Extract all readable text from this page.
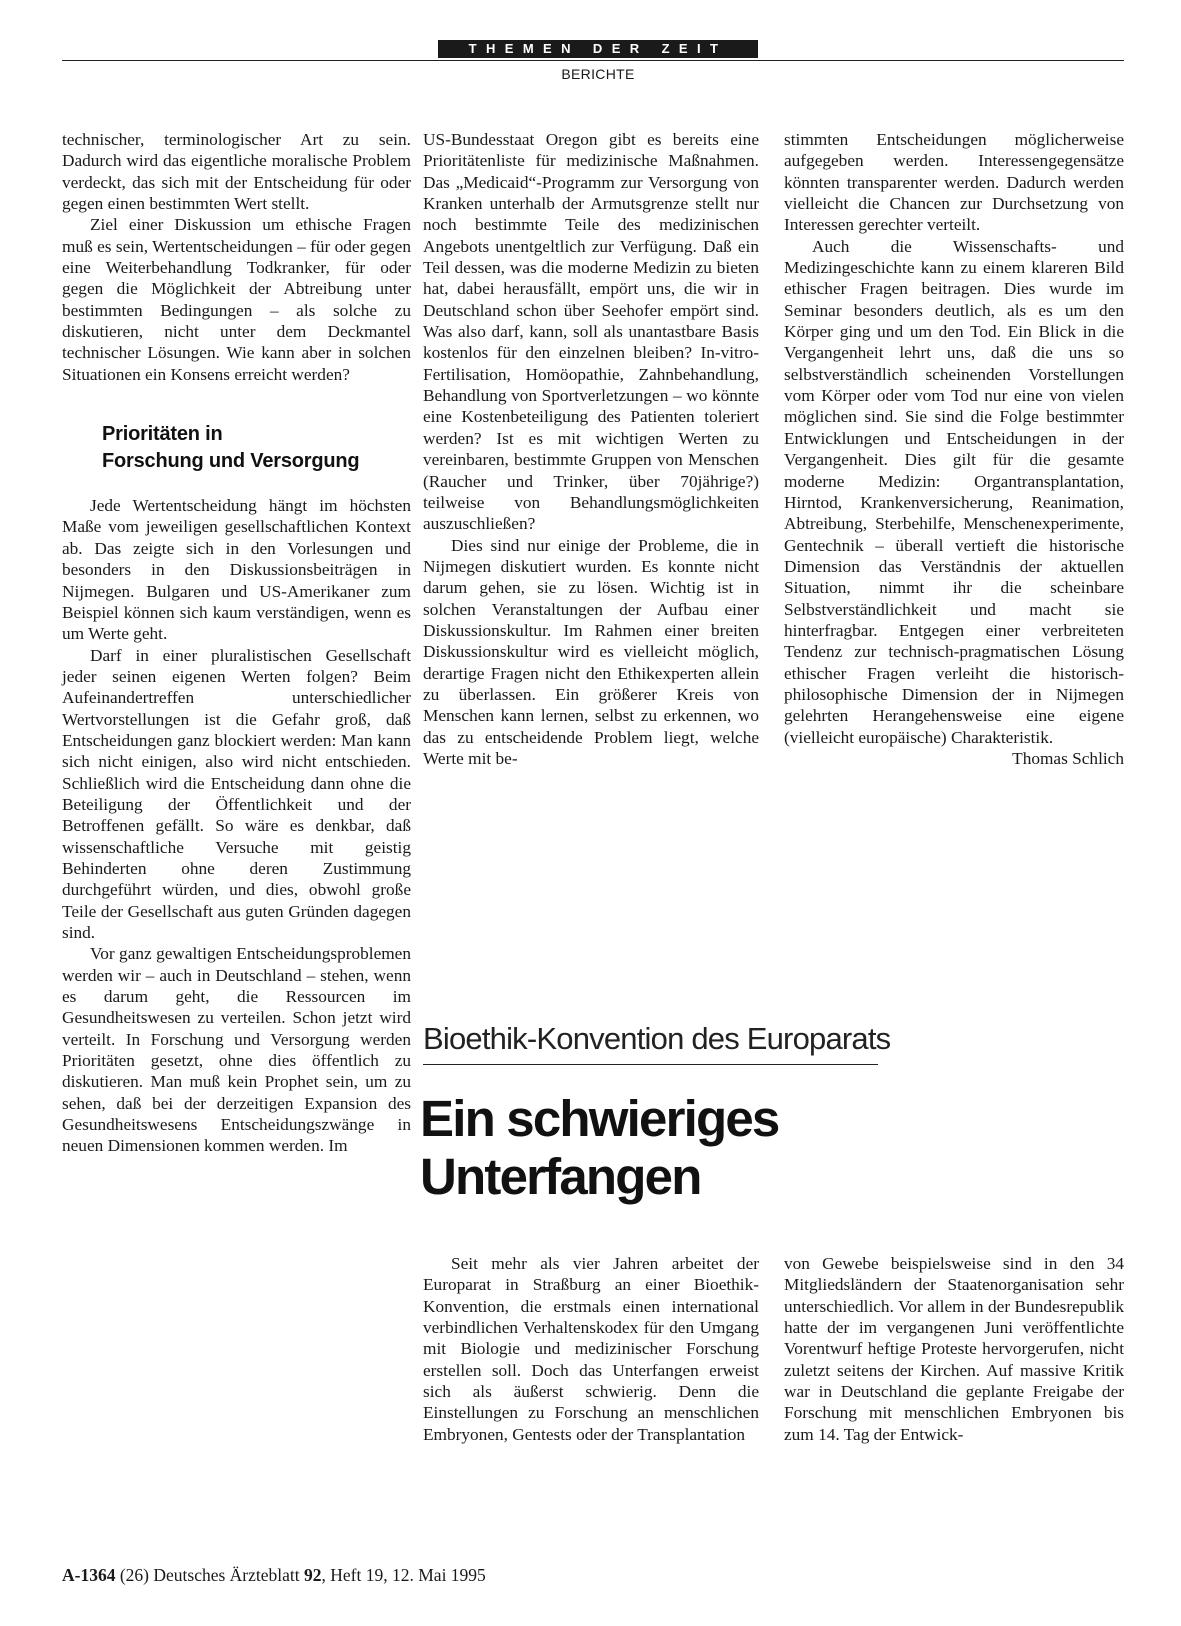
THEMEN DER ZEIT
BERICHTE

technischer, terminologischer Art zu sein. Dadurch wird das eigentliche moralische Problem verdeckt, das sich mit der Entscheidung für oder gegen einen bestimmten Wert stellt.

Ziel einer Diskussion um ethische Fragen muß es sein, Wertentscheidungen – für oder gegen eine Weiterbehandlung Todkranker, für oder gegen die Möglichkeit der Abtreibung unter bestimmten Bedingungen – als solche zu diskutieren, nicht unter dem Deckmantel technischer Lösungen. Wie kann aber in solchen Situationen ein Konsens erreicht werden?

Prioritäten in
Forschung und Versorgung

Jede Wertentscheidung hängt im höchsten Maße vom jeweiligen gesellschaftlichen Kontext ab. Das zeigte sich in den Vorlesungen und besonders in den Diskussionsbeiträgen in Nijmegen. Bulgaren und US-Amerikaner zum Beispiel können sich kaum verständigen, wenn es um Werte geht.

Darf in einer pluralistischen Gesellschaft jeder seinen eigenen Werten folgen? Beim Aufeinandertreffen unterschiedlicher Wertvorstellungen ist die Gefahr groß, daß Entscheidungen ganz blockiert werden: Man kann sich nicht einigen, also wird nicht entschieden. Schließlich wird die Entscheidung dann ohne die Beteiligung der Öffentlichkeit und der Betroffenen gefällt. So wäre es denkbar, daß wissenschaftliche Versuche mit geistig Behinderten ohne deren Zustimmung durchgeführt würden, und dies, obwohl große Teile der Gesellschaft aus guten Gründen dagegen sind.

Vor ganz gewaltigen Entscheidungsproblemen werden wir – auch in Deutschland – stehen, wenn es darum geht, die Ressourcen im Gesundheitswesen zu verteilen. Schon jetzt wird verteilt. In Forschung und Versorgung werden Prioritäten gesetzt, ohne dies öffentlich zu diskutieren. Man muß kein Prophet sein, um zu sehen, daß bei der derzeitigen Expansion des Gesundheitswesens Entscheidungszwänge in neuen Dimensionen kommen werden. Im

US-Bundesstaat Oregon gibt es bereits eine Prioritätenliste für medizinische Maßnahmen. Das „Medicaid“-Programm zur Versorgung von Kranken unterhalb der Armutsgrenze stellt nur noch bestimmte Teile des medizinischen Angebots unentgeltlich zur Verfügung. Daß ein Teil dessen, was die moderne Medizin zu bieten hat, dabei herausfällt, empört uns, die wir in Deutschland schon über Seehofer empört sind. Was also darf, kann, soll als unantastbare Basis kostenlos für den einzelnen bleiben? In-vitro-Fertilisation, Homöopathie, Zahnbehandlung, Behandlung von Sportverletzungen – wo könnte eine Kostenbeteiligung des Patienten toleriert werden? Ist es mit wichtigen Werten zu vereinbaren, bestimmte Gruppen von Menschen (Raucher und Trinker, über 70jährige?) teilweise von Behandlungsmöglichkeiten auszuschließen?

Dies sind nur einige der Probleme, die in Nijmegen diskutiert wurden. Es konnte nicht darum gehen, sie zu lösen. Wichtig ist in solchen Veranstaltungen der Aufbau einer Diskussionskultur. Im Rahmen einer breiten Diskussionskultur wird es vielleicht möglich, derartige Fragen nicht den Ethikexperten allein zu überlassen. Ein größerer Kreis von Menschen kann lernen, selbst zu erkennen, wo das zu entscheidende Problem liegt, welche Werte mit be-

stimmten Entscheidungen möglicherweise aufgegeben werden. Interessengegensätze könnten transparenter werden. Dadurch werden vielleicht die Chancen zur Durchsetzung von Interessen gerechter verteilt.

Auch die Wissenschafts- und Medizingeschichte kann zu einem klareren Bild ethischer Fragen beitragen. Dies wurde im Seminar besonders deutlich, als es um den Körper ging und um den Tod. Ein Blick in die Vergangenheit lehrt uns, daß die uns so selbstverständlich scheinenden Vorstellungen vom Körper oder vom Tod nur eine von vielen möglichen sind. Sie sind die Folge bestimmter Entwicklungen und Entscheidungen in der Vergangenheit. Dies gilt für die gesamte moderne Medizin: Organtransplantation, Hirntod, Krankenversicherung, Reanimation, Abtreibung, Sterbehilfe, Menschenexperimente, Gentechnik – überall vertieft die historische Dimension das Verständnis der aktuellen Situation, nimmt ihr die scheinbare Selbstverständlichkeit und macht sie hinterfragbar. Entgegen einer verbreiteten Tendenz zur technisch-pragmatischen Lösung ethischer Fragen verleiht die historisch-philosophische Dimension der in Nijmegen gelehrten Herangehensweise eine eigene (vielleicht europäische) Charakteristik.

Thomas Schlich

Bioethik-Konvention des Europarats
Ein schwieriges
Unterfangen

Seit mehr als vier Jahren arbeitet der Europarat in Straßburg an einer Bioethik-Konvention, die erstmals einen international verbindlichen Verhaltenskodex für den Umgang mit Biologie und medizinischer Forschung erstellen soll. Doch das Unterfangen erweist sich als äußerst schwierig. Denn die Einstellungen zu Forschung an menschlichen Embryonen, Gentests oder der Transplantation

von Gewebe beispielsweise sind in den 34 Mitgliedsländern der Staatenorganisation sehr unterschiedlich. Vor allem in der Bundesrepublik hatte der im vergangenen Juni veröffentlichte Vorentwurf heftige Proteste hervorgerufen, nicht zuletzt seitens der Kirchen. Auf massive Kritik war in Deutschland die geplante Freigabe der Forschung mit menschlichen Embryonen bis zum 14. Tag der Entwick-

A-1364 (26) Deutsches Ärzteblatt 92, Heft 19, 12. Mai 1995
